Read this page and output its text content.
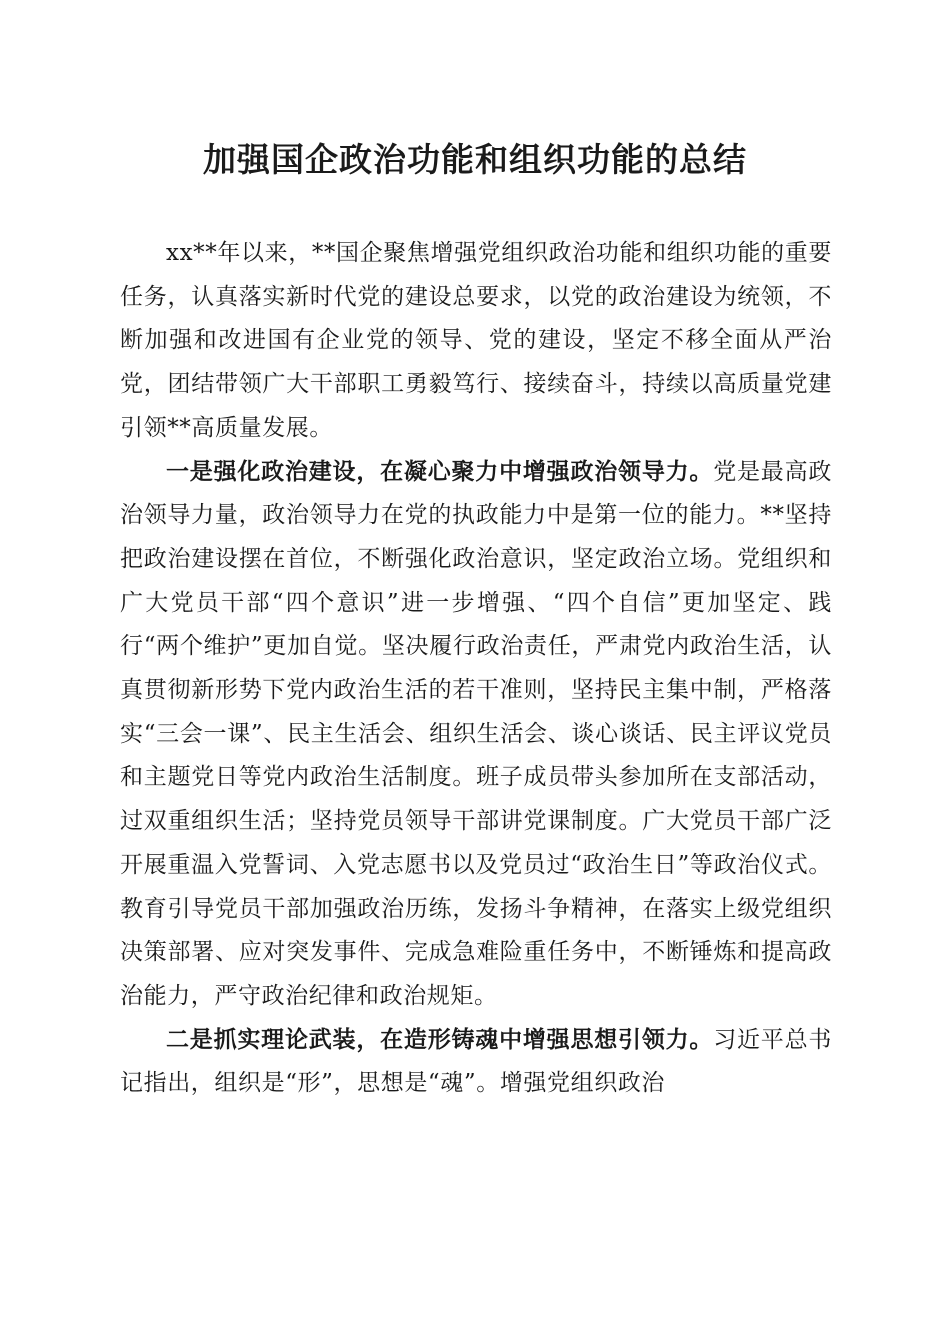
加强国企政治功能和组织功能的总结

xx**年以来，**国企聚焦增强党组织政治功能和组织功能的重要任务，认真落实新时代党的建设总要求，以党的政治建设为统领，不断加强和改进国有企业党的领导、党的建设，坚定不移全面从严治党，团结带领广大干部职工勇毅笃行、接续奋斗，持续以高质量党建引领**高质量发展。

一是强化政治建设，在凝心聚力中增强政治领导力。党是最高政治领导力量，政治领导力在党的执政能力中是第一位的能力。**坚持把政治建设摆在首位，不断强化政治意识，坚定政治立场。党组织和广大党员干部“四个意识”进一步增强、“四个自信”更加坚定、践行“两个维护”更加自觉。坚决履行政治责任，严肃党内政治生活，认真贯彻新形势下党内政治生活的若干准则，坚持民主集中制，严格落实“三会一课”、民主生活会、组织生活会、谈心谈话、民主评议党员和主题党日等党内政治生活制度。班子成员带头参加所在支部活动，过双重组织生活；坚持党员领导干部讲党课制度。广大党员干部广泛开展重温入党誓词、入党志愿书以及党员过“政治生日”等政治仪式。教育引导党员干部加强政治历练，发扬斗争精神，在落实上级党组织决策部署、应对突发事件、完成急难险重任务中，不断锤炼和提高政治能力，严守政治纪律和政治规矩。

二是抓实理论武装，在造形铸魂中增强思想引领力。习近平总书记指出，组织是“形”，思想是“魂”。增强党组织政治
